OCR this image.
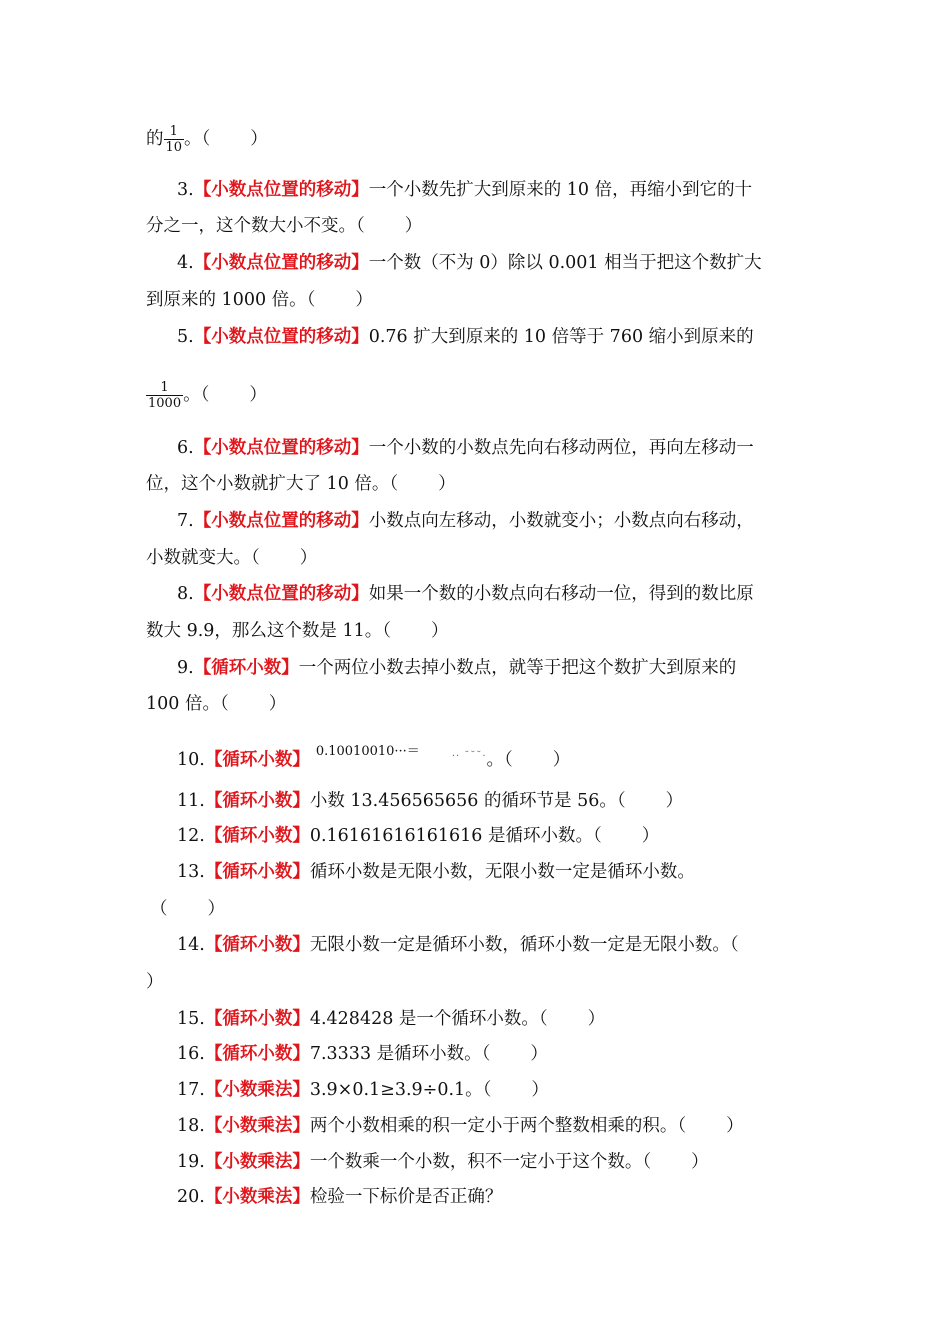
的 $\frac{1}{10}$ 。（ ）
3.【小数点位置的移动】一个小数先扩大到原来的 10 倍，再缩小到它的十
分之一，这个数大小不变。（ ）
4.【小数点位置的移动】一个数（不为 0）除以 0.001 相当于把这个数扩大
到原来的 1000 倍。（ ）
5.【小数点位置的移动】0.76 扩大到原来的 10 倍等于 760 缩小到原来的
$\frac{1}{1000}$ 。（ ）
6.【小数点位置的移动】一个小数的小数点先向右移动两位，再向左移动一
位，这个小数就扩大了 10 倍。（ ）
7.【小数点位置的移动】小数点向左移动，小数就变小；小数点向右移动，
小数就变大。（ ）
8.【小数点位置的移动】如果一个数的小数点向右移动一位，得到的数比原
数大 9.9，那么这个数是 11。（ ）
9.【循环小数】一个两位小数去掉小数点，就等于把这个数扩大到原来的
100 倍。（ ）
10.【循环小数】 $^{0.10010010\cdot\cdot\cdot=}$	·· ˘˘˘·。（ ）
11.【循环小数】小数 13.456565656 的循环节是 56。（ ）
12.【循环小数】0.16161616161616 是循环小数。（ ）
13.【循环小数】循环小数是无限小数，无限小数一定是循环小数。
（ ）
14.【循环小数】无限小数一定是循环小数，循环小数一定是无限小数。（
）
15.【循环小数】4.428428 是一个循环小数。（ ）
16.【循环小数】7.3333 是循环小数。（ ）
17.【小数乘法】3.9×0.1≥3.9÷0.1。（ ）
18.【小数乘法】两个小数相乘的积一定小于两个整数相乘的积。（ ）
19.【小数乘法】一个数乘一个小数，积不一定小于这个数。（ ）
20.【小数乘法】检验一下标价是否正确？
